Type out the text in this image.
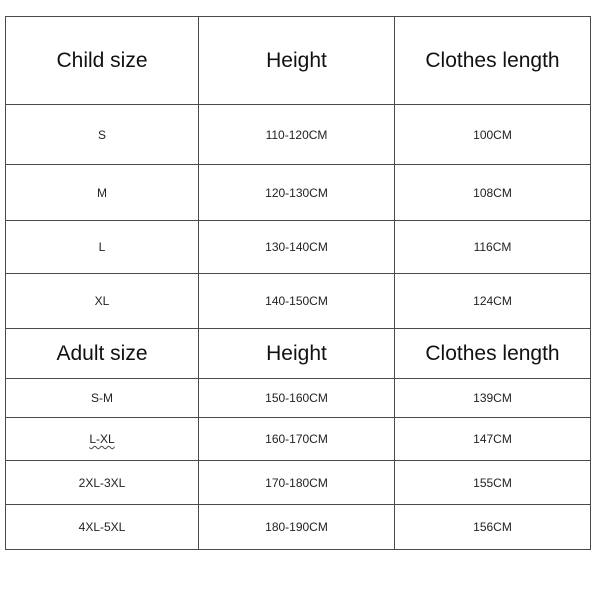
Child size	Height	Clothes length
S	110-120CM	100CM
M	120-130CM	108CM
L	130-140CM	116CM
XL	140-150CM	124CM
Adult size	Height	Clothes length
S-M	150-160CM	139CM
L-XL	160-170CM	147CM
2XL-3XL	170-180CM	155CM
4XL-5XL	180-190CM	156CM
